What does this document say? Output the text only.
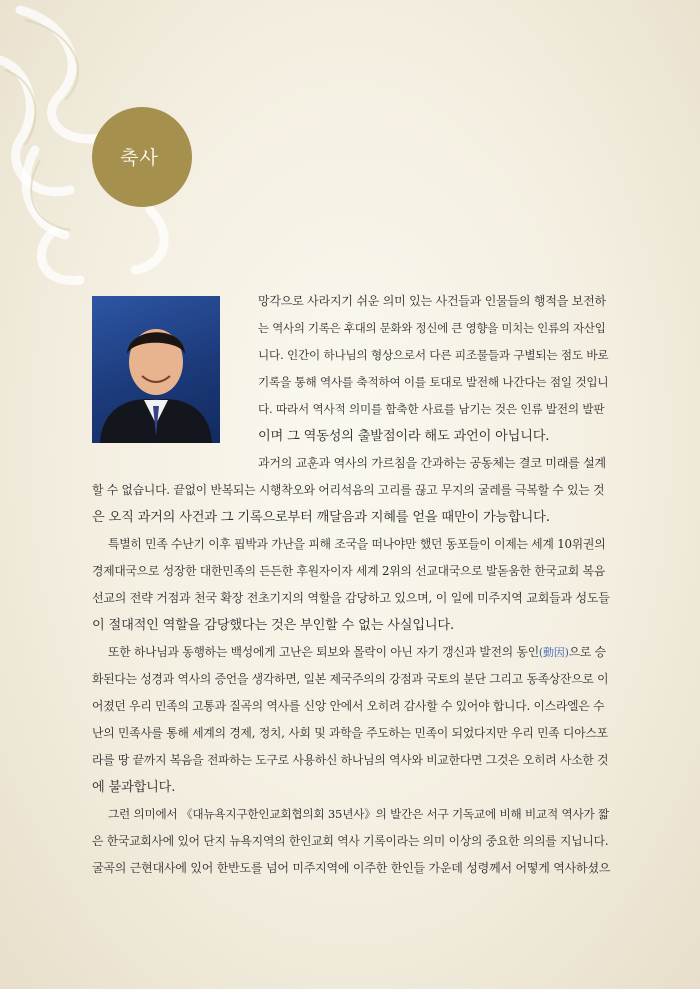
축사
망각으로 사라지기 쉬운 의미 있는 사건들과 인물들의 행적을 보전하
는 역사의 기록은 후대의 문화와 정신에 큰 영향을 미치는 인류의 자산입
니다. 인간이 하나님의 형상으로서 다른 피조물들과 구별되는 점도 바로
기록을 통해 역사를 축적하여 이를 토대로 발전해 나간다는 점일 것입니
다. 따라서 역사적 의미를 함축한 사료를 남기는 것은 인류 발전의 발판
이며 그 역동성의 출발점이라 해도 과언이 아닙니다.
과거의 교훈과 역사의 가르침을 간과하는 공동체는 결코 미래를 설계
할 수 없습니다. 끝없이 반복되는 시행착오와 어리석음의 고리를 끊고 무지의 굴레를 극복할 수 있는 것
은 오직 과거의 사건과 그 기록으로부터 깨달음과 지혜를 얻을 때만이 가능합니다.
특별히 민족 수난기 이후 핍박과 가난을 피해 조국을 떠나야만 했던 동포들이 이제는 세계 10위권의
경제대국으로 성장한 대한민족의 든든한 후원자이자 세계 2위의 선교대국으로 발돋움한 한국교회 복음
선교의 전략 거점과 천국 확장 전초기지의 역할을 감당하고 있으며, 이 일에 미주지역 교회들과 성도들
이 절대적인 역할을 감당했다는 것은 부인할 수 없는 사실입니다.
또한 하나님과 동행하는 백성에게 고난은 퇴보와 몰락이 아닌 자기 갱신과 발전의 동인(動因)으로 승
화된다는 성경과 역사의 증언을 생각하면, 일본 제국주의의 강점과 국토의 분단 그리고 동족상잔으로 이
어졌던 우리 민족의 고통과 질곡의 역사를 신앙 안에서 오히려 감사할 수 있어야 합니다. 이스라엘은 수
난의 민족사를 통해 세계의 경제, 정치, 사회 및 과학을 주도하는 민족이 되었다지만 우리 민족 디아스포
라를 땅 끝까지 복음을 전파하는 도구로 사용하신 하나님의 역사와 비교한다면 그것은 오히려 사소한 것
에 불과합니다.
그런 의미에서 《대뉴욕지구한인교회협의회 35년사》의 발간은 서구 기독교에 비해 비교적 역사가 짧
은 한국교회사에 있어 단지 뉴욕지역의 한인교회 역사 기록이라는 의미 이상의 중요한 의의를 지닙니다.
굴곡의 근현대사에 있어 한반도를 넘어 미주지역에 이주한 한인들 가운데 성령께서 어떻게 역사하셨으
